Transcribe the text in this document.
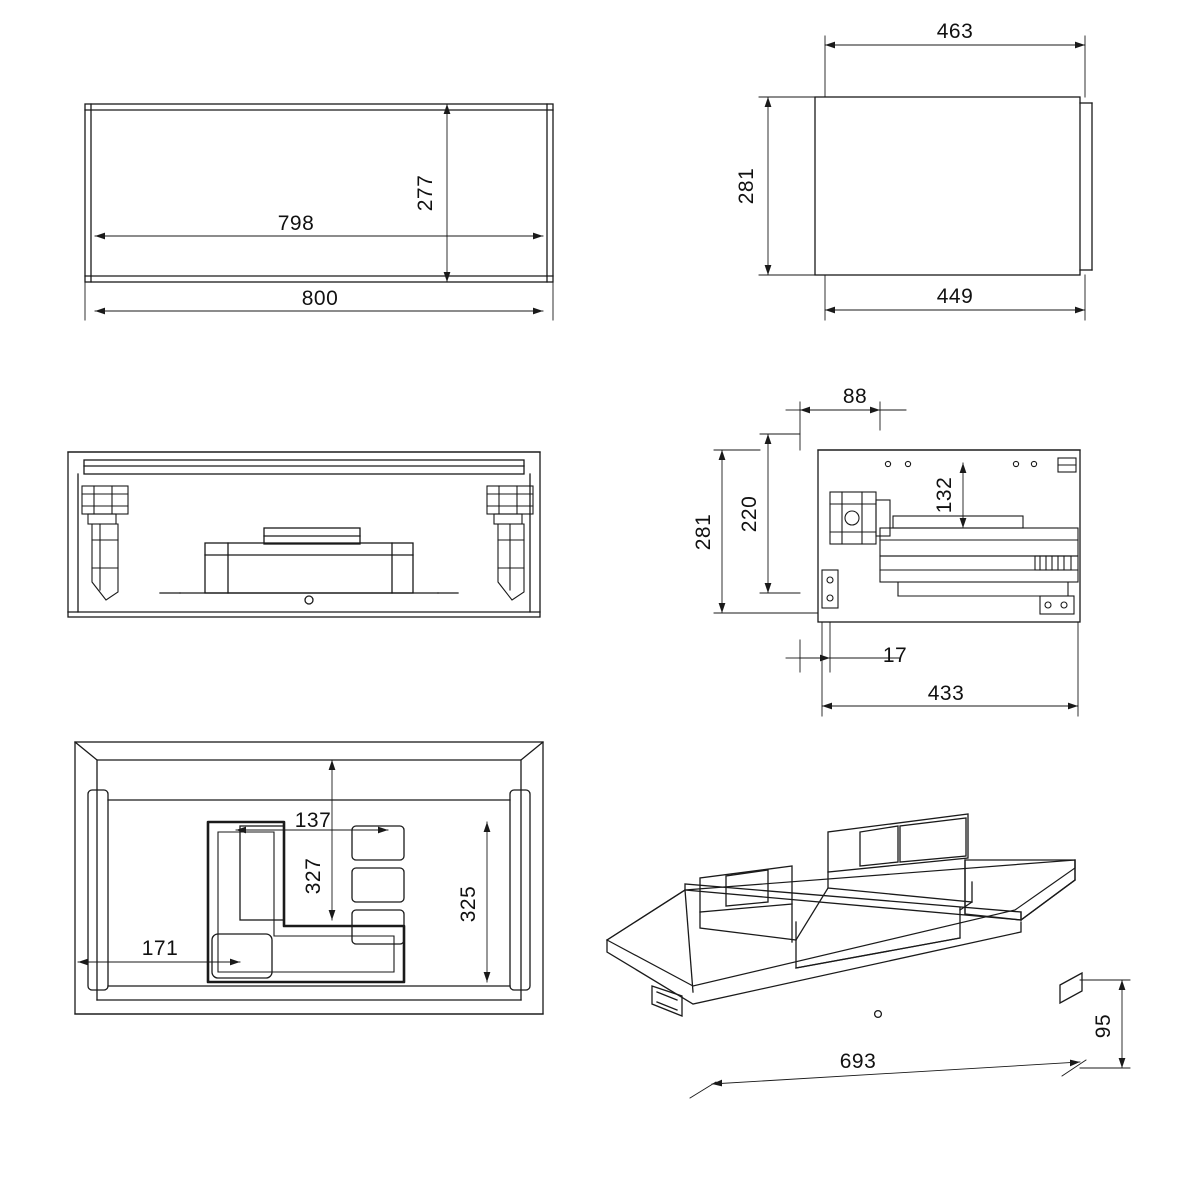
798
800
277
463
449
281
88
17
433
281 220
132
137
171
327
325
693
95
